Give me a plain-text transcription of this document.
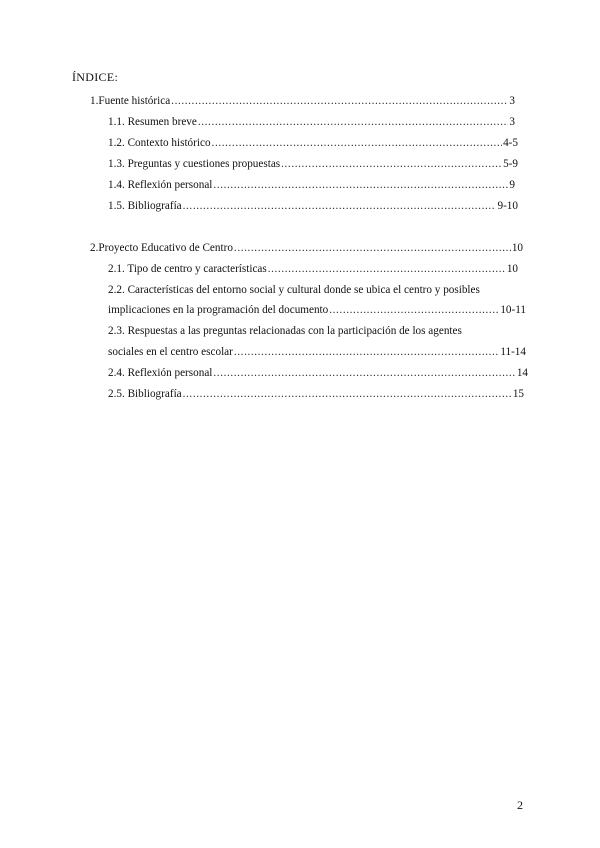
ÍNDICE:
1. Fuente histórica .....	3
1.1. Resumen breve .....	3
1.2. Contexto histórico .....	4-5
1.3. Preguntas y cuestiones propuestas .....	5-9
1.4. Reflexión personal .....	9
1.5. Bibliografía .....	9-10
2. Proyecto Educativo de Centro .....	10
2.1. Tipo de centro y características .....	10
2.2. Características del entorno social y cultural donde se ubica el centro y posibles
implicaciones en la programación del documento .....	10-11
2.3. Respuestas a las preguntas relacionadas con la participación de los agentes
sociales en el centro escolar .....	11-14
2.4. Reflexión personal .....	14
2.5. Bibliografía .....	15
2
